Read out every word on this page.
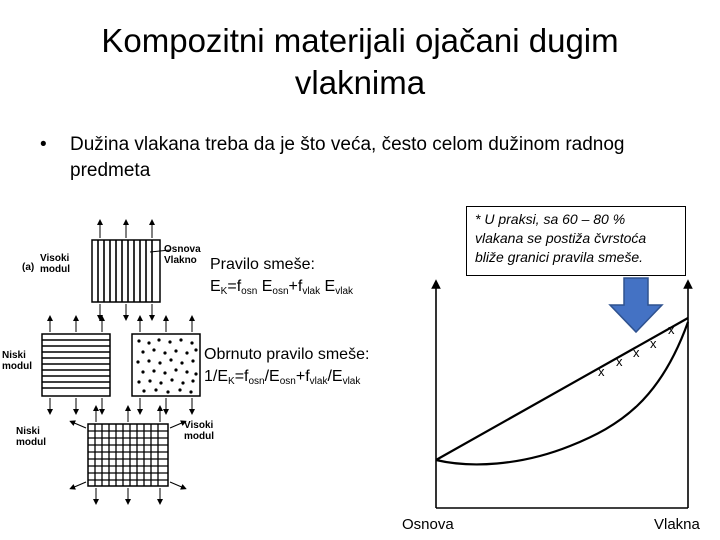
Kompozitni materijali ojačani dugim
vlaknima
• Dužina vlakana treba da je što veća, često celom dužinom radnog predmeta
x
x
x
x
x
(a)
Visoki
modul
Osnova
Vlakno
Niski
modul
Niski
modul
Visoki
modul
* U praksi, sa 60 – 80 % vlakana se postiža čvrstoća bliže granici pravila smeše.
Pravilo smeše:
$E_K=f_{osn}$ $E_{osn}+f_{vlak}$ $E_{vlak}$
Obrnuto pravilo smeše:
$1/E_K=f_{osn}/E_{osn}+f_{vlak}/E_{vlak}$
Osnova	Vlakna
